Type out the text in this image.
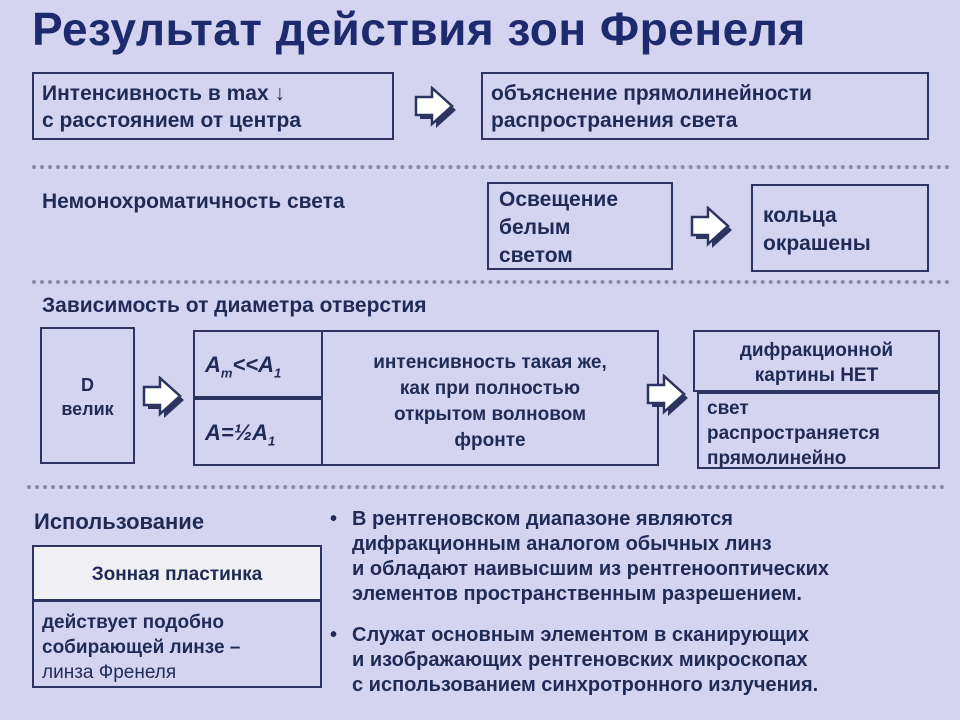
Результат действия зон Френеля
Интенсивность в max ↓
с расстоянием от центра
объяснение прямолинейности
распространения света
Немонохроматичность света	Освещение
белым
светом
кольца
окрашены
Зависимость от диаметра отверстия
D
велик
$A_m<<A_1$
$A=\frac{1}{2}A_1$
интенсивность такая же,
как при полностью
открытом волновом
фронте
дифракционной
картины НЕТ
свет
распространяется
прямолинейно
Использование
Зонная пластинка
действует подобно
собирающей линзе –
линза Френеля
• В рентгеновском диапазоне являются
дифракционным аналогом обычных линз
и обладают наивысшим из рентгенооптических
элементов пространственным разрешением.
• Служат основным элементом в сканирующих
и изображающих рентгеновских микроскопах
с использованием синхротронного излучения.
